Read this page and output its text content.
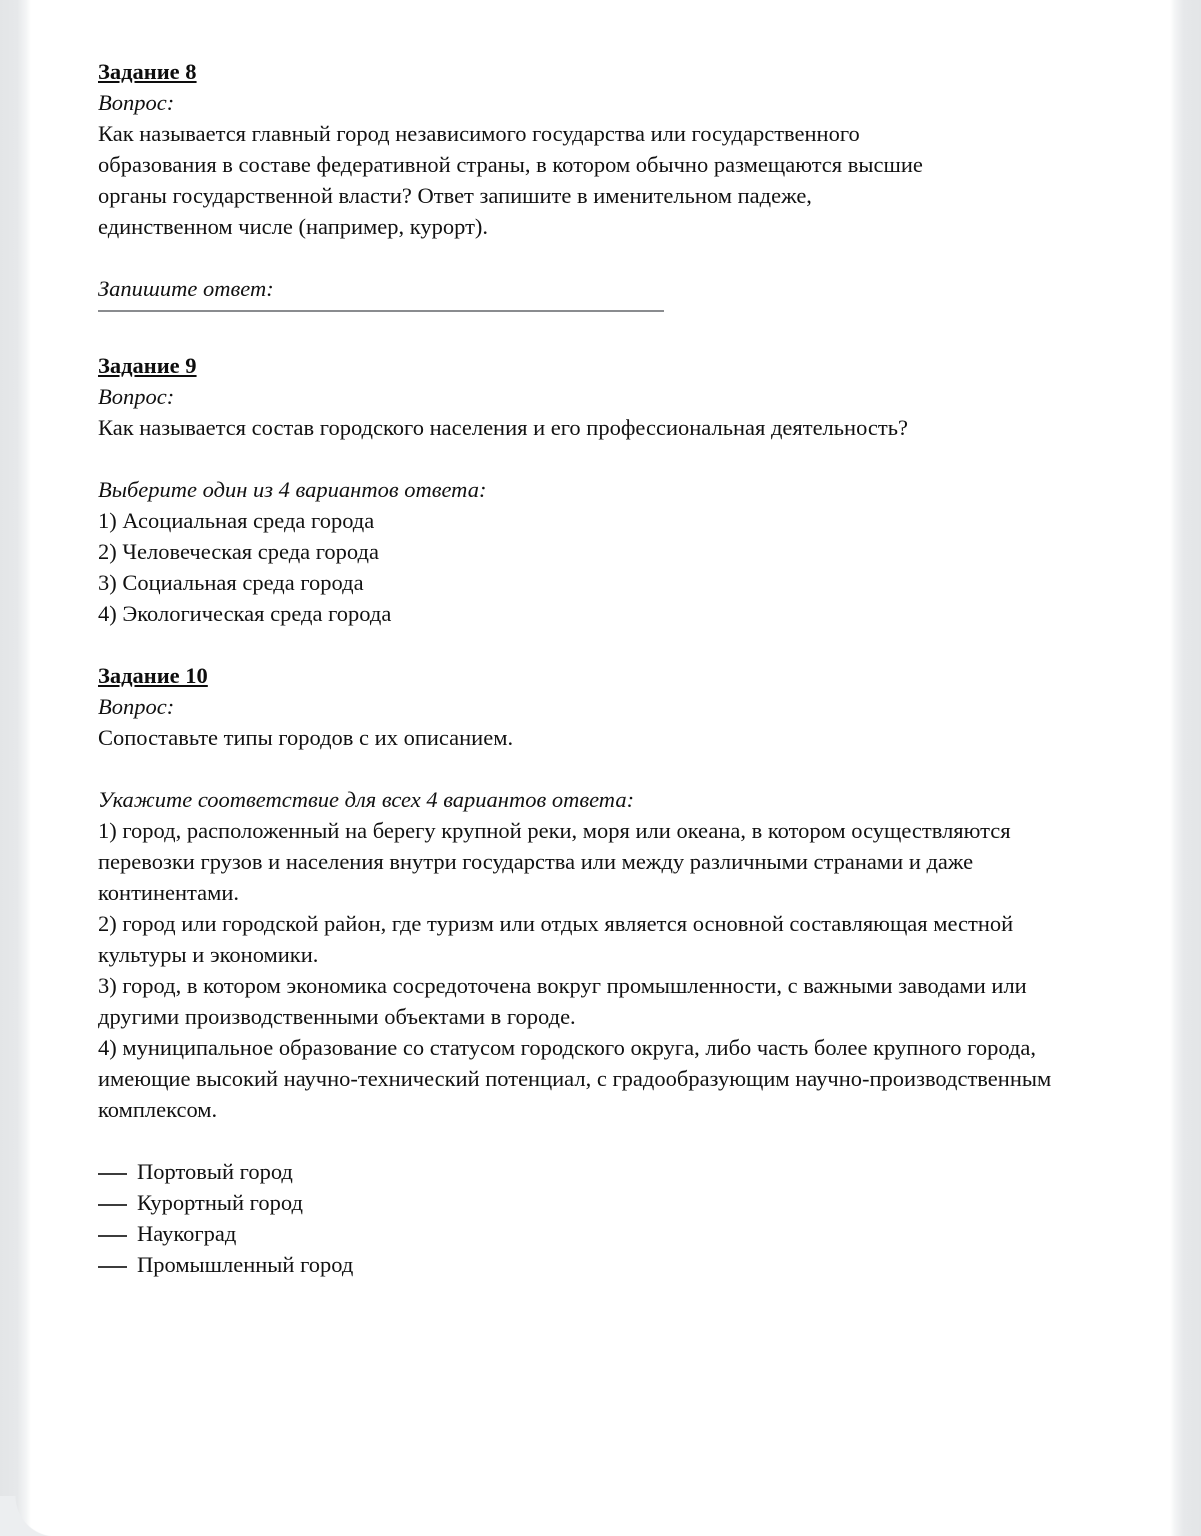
Задание 8
Вопрос:
Как называется главный город независимого государства или государственного
образования в составе федеративной страны, в котором обычно размещаются высшие
органы государственной власти? Ответ запишите в именительном падеже,
единственном числе (например, курорт).
Запишите ответ:
Задание 9
Вопрос:
Как называется состав городского населения и его профессиональная деятельность?
Выберите один из 4 вариантов ответа:
1) Асоциальная среда города
2) Человеческая среда города
3) Социальная среда города
4) Экологическая среда города
Задание 10
Вопрос:
Сопоставьте типы городов с их описанием.
Укажите соответствие для всех 4 вариантов ответа:

1) город, расположенный на берегу крупной реки, моря или океана, в котором осуществляются перевозки грузов и населения внутри государства или между различными странами и даже континентами.

2) город или городской район, где туризм или отдых является основной составляющая местной культуры и экономики.

3) город, в котором экономика сосредоточена вокруг промышленности, с важными заводами или другими производственными объектами в городе.

4) муниципальное образование со статусом городского округа, либо часть более крупного города, имеющие высокий научно-технический потенциал, с градообразующим научно-производственным комплексом.

Портовый город
Курортный город
Наукоград
Промышленный город
